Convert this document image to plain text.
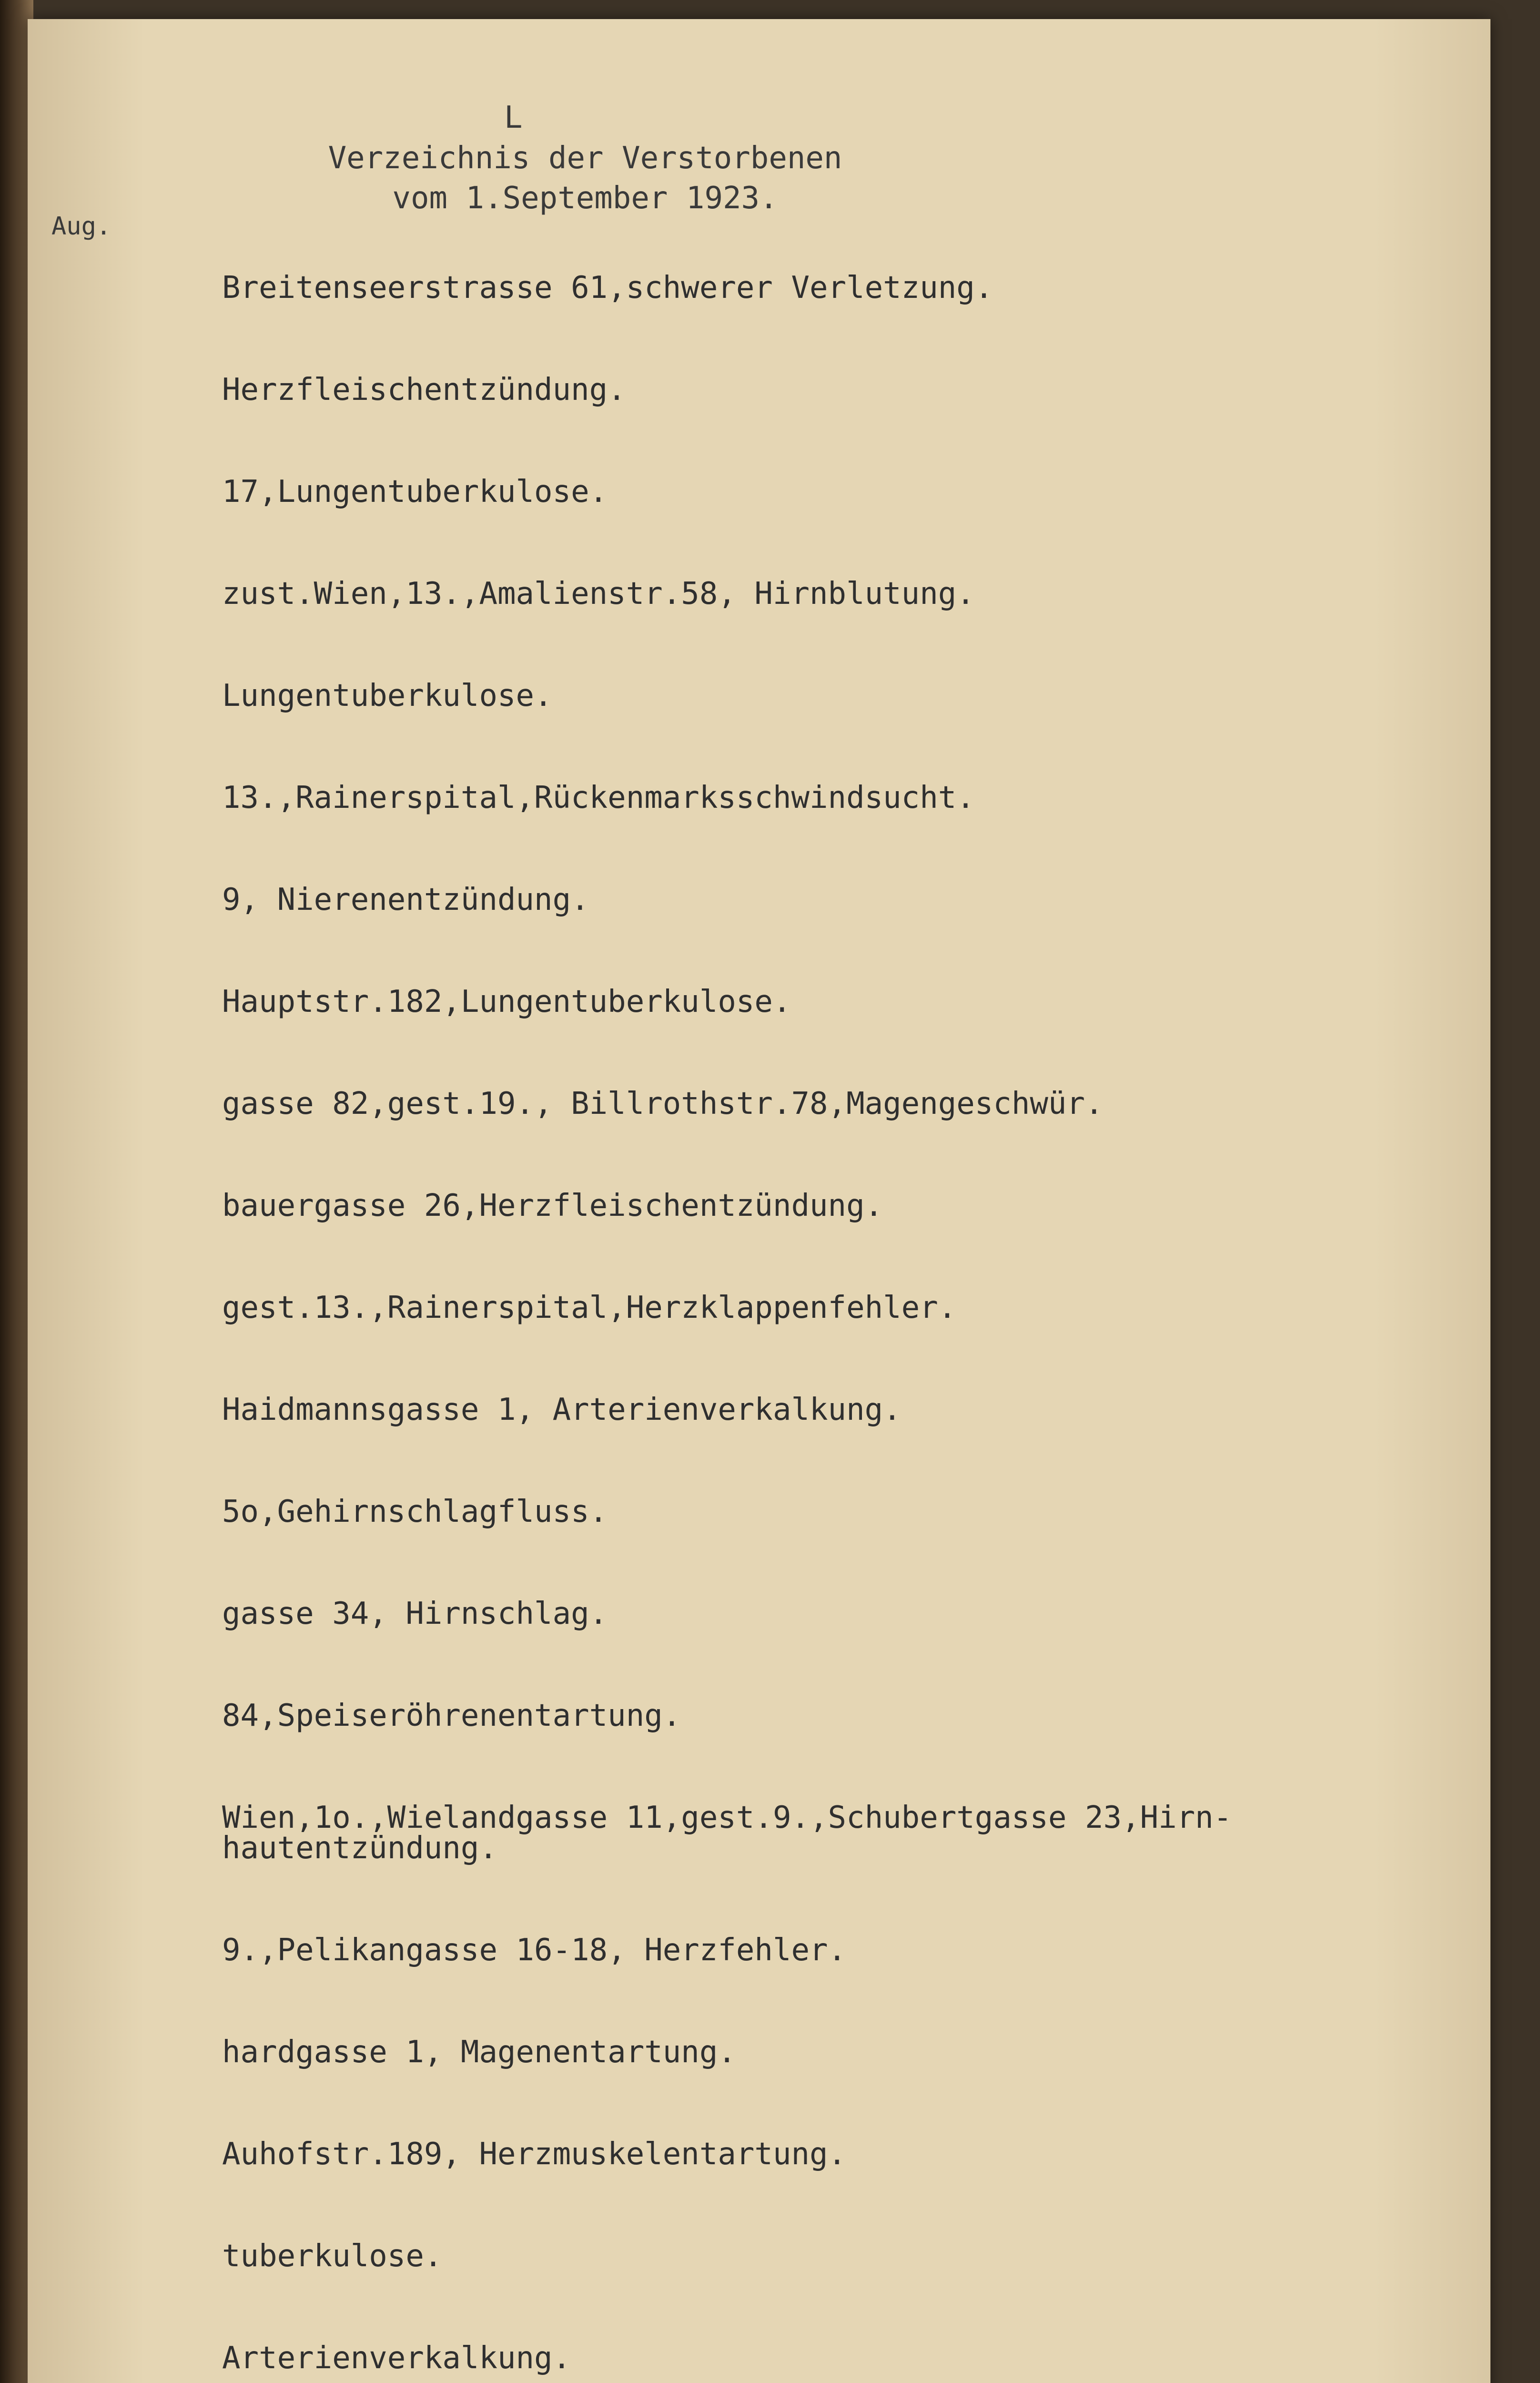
L
Verzeichnis der Verstorbenen
vom 1.September 1923.
Aug.
Breitenseerstrasse 61,schwerer Verletzung.
Herzfleischentzündung.
17,Lungentuberkulose.
zust.Wien,13.,Amalienstr.58, Hirnblutung.
Lungentuberkulose.
13.,Rainerspital,Rückenmarksschwindsucht.
9, Nierenentzündung.
Hauptstr.182,Lungentuberkulose.
gasse 82,gest.19., Billrothstr.78,Magengeschwür.
bauergasse 26,Herzfleischentzündung.
gest.13.,Rainerspital,Herzklappenfehler.
Haidmannsgasse 1, Arterienverkalkung.
5o,Gehirnschlagfluss.
gasse 34, Hirnschlag.
84,Speiseröhrenentartung.
Wien,1o.,Wielandgasse 11,gest.9.,Schubertgasse 23,Hirn-
hautentzündung.
9.,Pelikangasse 16-18, Herzfehler.
hardgasse 1, Magenentartung.
Auhofstr.189, Herzmuskelentartung.
tuberkulose.
Arterienverkalkung.
